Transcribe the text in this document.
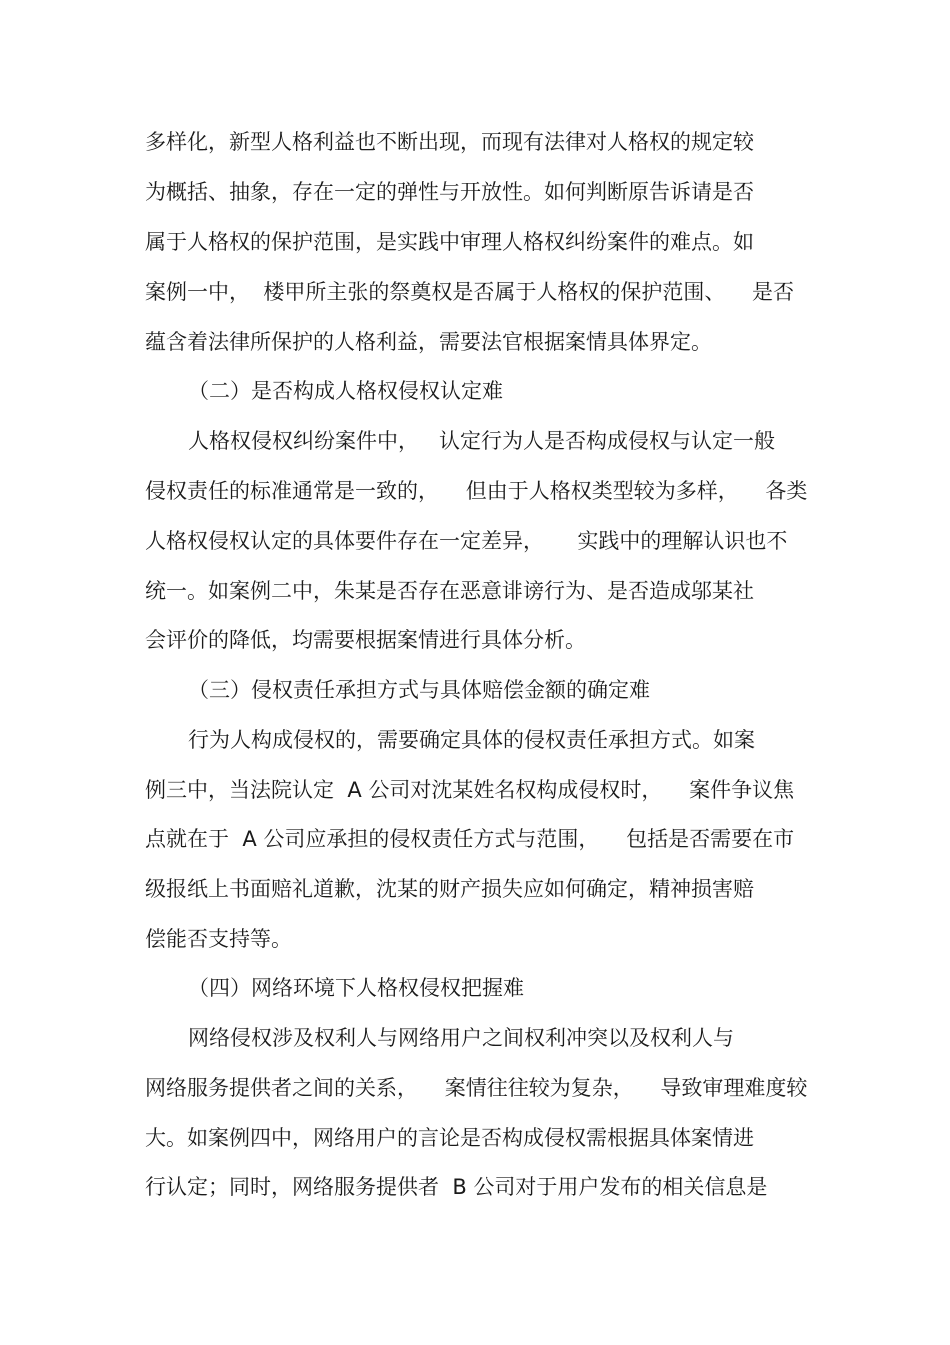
多样化，新型人格利益也不断出现，而现有法律对人格权的规定较
为概括、抽象，存在一定的弹性与开放性。如何判断原告诉请是否
属于人格权的保护范围，是实践中审理人格权纠纷案件的难点。如
案例一中，  楼甲所主张的祭奠权是否属于人格权的保护范围、    是否
蕴含着法律所保护的人格利益，需要法官根据案情具体界定。
（二）是否构成人格权侵权认定难
人格权侵权纠纷案件中，   认定行为人是否构成侵权与认定一般
侵权责任的标准通常是一致的，    但由于人格权类型较为多样，    各类
人格权侵权认定的具体要件存在一定差异，     实践中的理解认识也不
统一。如案例二中，朱某是否存在恶意诽谤行为、是否造成邬某社
会评价的降低，均需要根据案情进行具体分析。
（三）侵权责任承担方式与具体赔偿金额的确定难
行为人构成侵权的，需要确定具体的侵权责任承担方式。如案
例三中，当法院认定  A 公司对沈某姓名权构成侵权时，    案件争议焦
点就在于  A 公司应承担的侵权责任方式与范围，    包括是否需要在市
级报纸上书面赔礼道歉，沈某的财产损失应如何确定，精神损害赔
偿能否支持等。
（四）网络环境下人格权侵权把握难
网络侵权涉及权利人与网络用户之间权利冲突以及权利人与
网络服务提供者之间的关系，    案情往往较为复杂，    导致审理难度较
大。如案例四中，网络用户的言论是否构成侵权需根据具体案情进
行认定；同时，网络服务提供者  B 公司对于用户发布的相关信息是
